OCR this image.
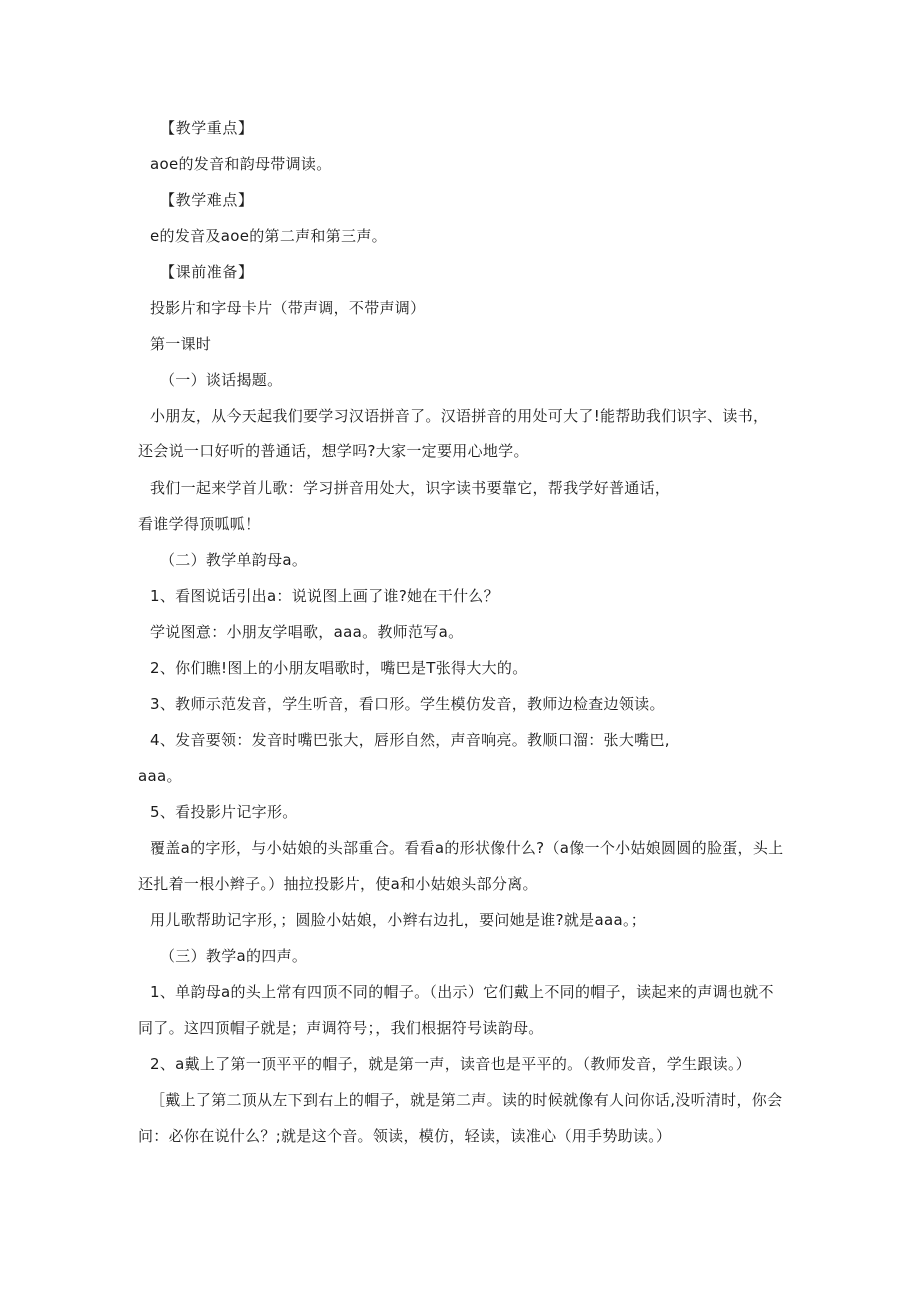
【教学重点】
aoe的发音和韵母带调读。
【教学难点】
e的发音及aoe的第二声和第三声。
【课前准备】
投影片和字母卡片（带声调，不带声调）
第一课时
（一）谈话揭题。
小朋友，从今天起我们要学习汉语拼音了。汉语拼音的用处可大了!能帮助我们识字、读书，
还会说一口好听的普通话，想学吗?大家一定要用心地学。
我们一起来学首儿歌：学习拼音用处大，识字读书要靠它，帮我学好普通话，
看谁学得顶呱呱！
（二）教学单韵母a。
1、看图说话引出a：说说图上画了谁?她在干什么？
学说图意：小朋友学唱歌，aaa。教师范写a。
2、你们瞧!图上的小朋友唱歌时，嘴巴是T张得大大的。
3、教师示范发音，学生听音，看口形。学生模仿发音，教师边检查边领读。
4、发音要领：发音时嘴巴张大，唇形自然，声音响亮。教顺口溜：张大嘴巴,
aaa。
5、看投影片记字形。
覆盖a的字形，与小姑娘的头部重合。看看a的形状像什么?（a像一个小姑娘圆圆的脸蛋，头上
还扎着一根小辫子。）抽拉投影片，使a和小姑娘头部分离。
用儿歌帮助记字形，；圆脸小姑娘，小辫右边扎，要问她是谁?就是aaa。；
（三）教学a的四声。
1、单韵母a的头上常有四顶不同的帽子。（出示）它们戴上不同的帽子，读起来的声调也就不
同了。这四顶帽子就是；声调符号；，我们根据符号读韵母。
2、a戴上了第一顶平平的帽子，就是第一声，读音也是平平的。（教师发音，学生跟读。）
［戴上了第二顶从左下到右上的帽子，就是第二声。读的时候就像有人问你话,没听清时，你会
问：必你在说什么？;就是这个音。领读，模仿，轻读，读准心（用手势助读。）
